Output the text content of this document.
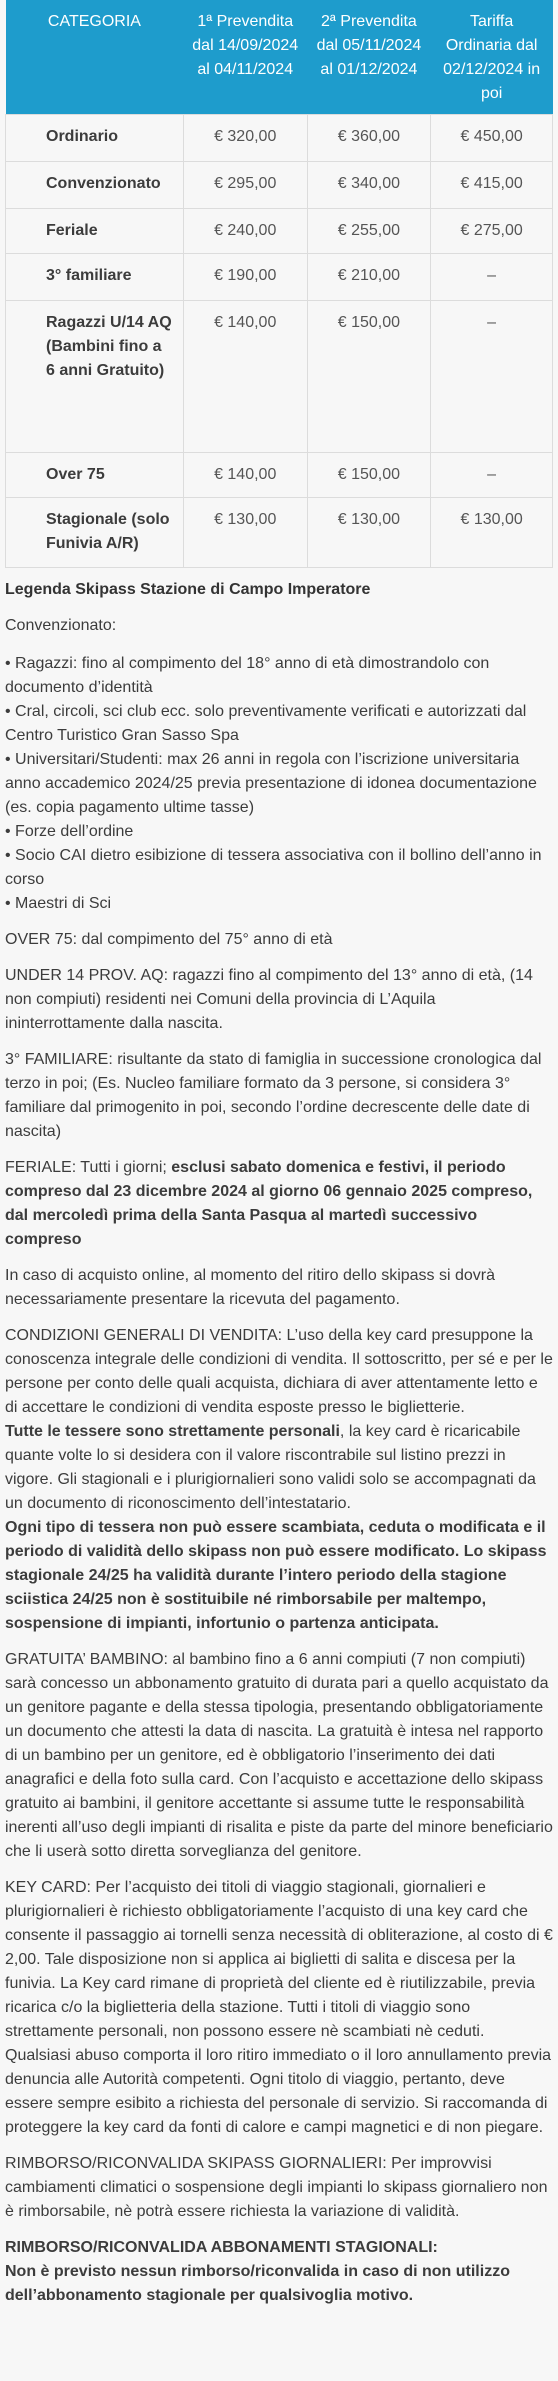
CATEGORIA	1ª Prevendita dal 14/09/2024 al 04/11/2024	2ª Prevendita dal 05/11/2024 al 01/12/2024	Tariffa Ordinaria dal 02/12/2024 in poi
Ordinario	€ 320,00	€ 360,00	€ 450,00
Convenzionato	€ 295,00	€ 340,00	€ 415,00
Feriale	€ 240,00	€ 255,00	€ 275,00
3° familiare	€ 190,00	€ 210,00	–
Ragazzi U/14 AQ (Bambini fino a 6 anni Gratuito)	€ 140,00	€ 150,00	–
Over 75	€ 140,00	€ 150,00	–
Stagionale (solo Funivia A/R)	€ 130,00	€ 130,00	€ 130,00
Legenda Skipass Stazione di Campo Imperatore

Convenzionato:

• Ragazzi: fino al compimento del 18° anno di età dimostrandolo con documento d’identità
• Cral, circoli, sci club ecc. solo preventivamente verificati e autorizzati dal Centro Turistico Gran Sasso Spa
• Universitari/Studenti: max 26 anni in regola con l’iscrizione universitaria anno accademico 2024/25 previa presentazione di idonea documentazione (es. copia pagamento ultime tasse)
• Forze dell’ordine
• Socio CAI dietro esibizione di tessera associativa con il bollino dell’anno in corso
• Maestri di Sci

OVER 75: dal compimento del 75° anno di età

UNDER 14 PROV. AQ: ragazzi fino al compimento del 13° anno di età, (14 non compiuti) residenti nei Comuni della provincia di L’Aquila ininterrottamente dalla nascita.

3° FAMILIARE: risultante da stato di famiglia in successione cronologica dal terzo in poi; (Es. Nucleo familiare formato da 3 persone, si considera 3° familiare dal primogenito in poi, secondo l’ordine decrescente delle date di nascita)

FERIALE: Tutti i giorni; esclusi sabato domenica e festivi, il periodo compreso dal 23 dicembre 2024 al giorno 06 gennaio 2025 compreso, dal mercoledì prima della Santa Pasqua al martedì successivo compreso

In caso di acquisto online, al momento del ritiro dello skipass si dovrà necessariamente presentare la ricevuta del pagamento.

CONDIZIONI GENERALI DI VENDITA: L’uso della key card presuppone la conoscenza integrale delle condizioni di vendita. Il sottoscritto, per sé e per le persone per conto delle quali acquista, dichiara di aver attentamente letto e di accettare le condizioni di vendita esposte presso le biglietterie.
Tutte le tessere sono strettamente personali, la key card è ricaricabile quante volte lo si desidera con il valore riscontrabile sul listino prezzi in vigore. Gli stagionali e i plurigiornalieri sono validi solo se accompagnati da un documento di riconoscimento dell’intestatario.
Ogni tipo di tessera non può essere scambiata, ceduta o modificata e il periodo di validità dello skipass non può essere modificato. Lo skipass stagionale 24/25 ha validità durante l’intero periodo della stagione sciistica 24/25 non è sostituibile né rimborsabile per maltempo, sospensione di impianti, infortunio o partenza anticipata.

GRATUITA’ BAMBINO: al bambino fino a 6 anni compiuti (7 non compiuti) sarà concesso un abbonamento gratuito di durata pari a quello acquistato da un genitore pagante e della stessa tipologia, presentando obbligatoriamente un documento che attesti la data di nascita. La gratuità è intesa nel rapporto di un bambino per un genitore, ed è obbligatorio l’inserimento dei dati anagrafici e della foto sulla card. Con l’acquisto e accettazione dello skipass gratuito ai bambini, il genitore accettante si assume tutte le responsabilità inerenti all’uso degli impianti di risalita e piste da parte del minore beneficiario che li userà sotto diretta sorveglianza del genitore.

KEY CARD: Per l’acquisto dei titoli di viaggio stagionali, giornalieri e plurigiornalieri è richiesto obbligatoriamente l’acquisto di una key card che consente il passaggio ai tornelli senza necessità di obliterazione, al costo di € 2,00. Tale disposizione non si applica ai biglietti di salita e discesa per la funivia. La Key card rimane di proprietà del cliente ed è riutilizzabile, previa ricarica c/o la biglietteria della stazione. Tutti i titoli di viaggio sono strettamente personali, non possono essere nè scambiati nè ceduti. Qualsiasi abuso comporta il loro ritiro immediato o il loro annullamento previa denuncia alle Autorità competenti. Ogni titolo di viaggio, pertanto, deve essere sempre esibito a richiesta del personale di servizio. Si raccomanda di proteggere la key card da fonti di calore e campi magnetici e di non piegare.

RIMBORSO/RICONVALIDA SKIPASS GIORNALIERI: Per improvvisi cambiamenti climatici o sospensione degli impianti lo skipass giornaliero non è rimborsabile, nè potrà essere richiesta la variazione di validità.

RIMBORSO/RICONVALIDA ABBONAMENTI STAGIONALI:
Non è previsto nessun rimborso/riconvalida in caso di non utilizzo dell’abbonamento stagionale per qualsivoglia motivo.
